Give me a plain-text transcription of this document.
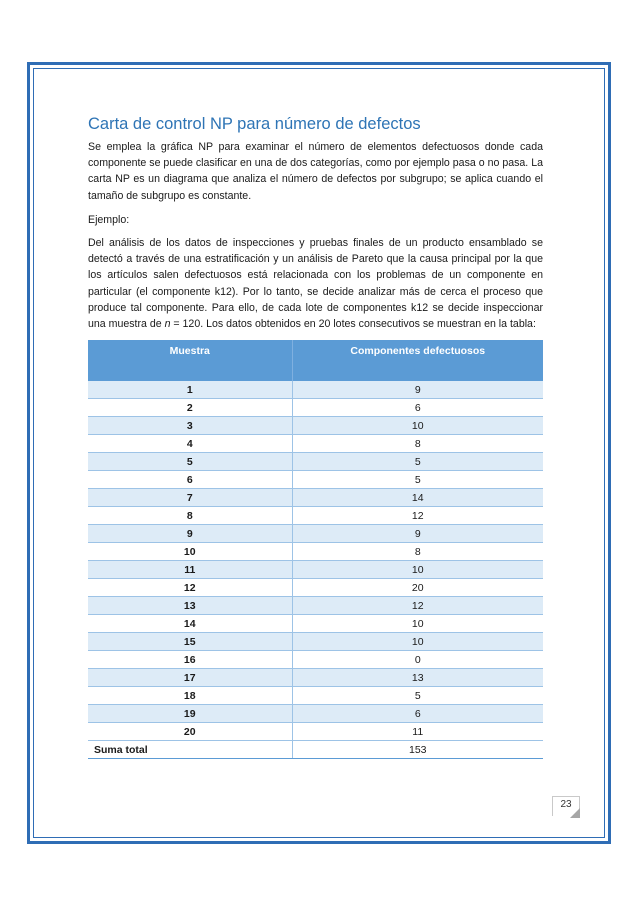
Carta de control NP para número de defectos

Se emplea la gráfica NP para examinar el número de elementos defectuosos donde cada componente se puede clasificar en una de dos categorías, como por ejemplo pasa o no pasa. La carta NP es un diagrama que analiza el número de defectos por subgrupo; se aplica cuando el tamaño de subgrupo es constante.

Ejemplo:

Del análisis de los datos de inspecciones y pruebas finales de un producto ensamblado se detectó a través de una estratificación y un análisis de Pareto que la causa principal por la que los artículos salen defectuosos está relacionada con los problemas de un componente en particular (el componente k12). Por lo tanto, se decide analizar más de cerca el proceso que produce tal componente. Para ello, de cada lote de componentes k12 se decide inspeccionar una muestra de n = 120. Los datos obtenidos en 20 lotes consecutivos se muestran en la tabla:

Muestra	Componentes defectuosos
1	9
2	6
3	10
4	8
5	5
6	5
7	14
8	12
9	9
10	8
11	10
12	20
13	12
14	10
15	10
16	0
17	13
18	5
19	6
20	11
Suma total	153
23
